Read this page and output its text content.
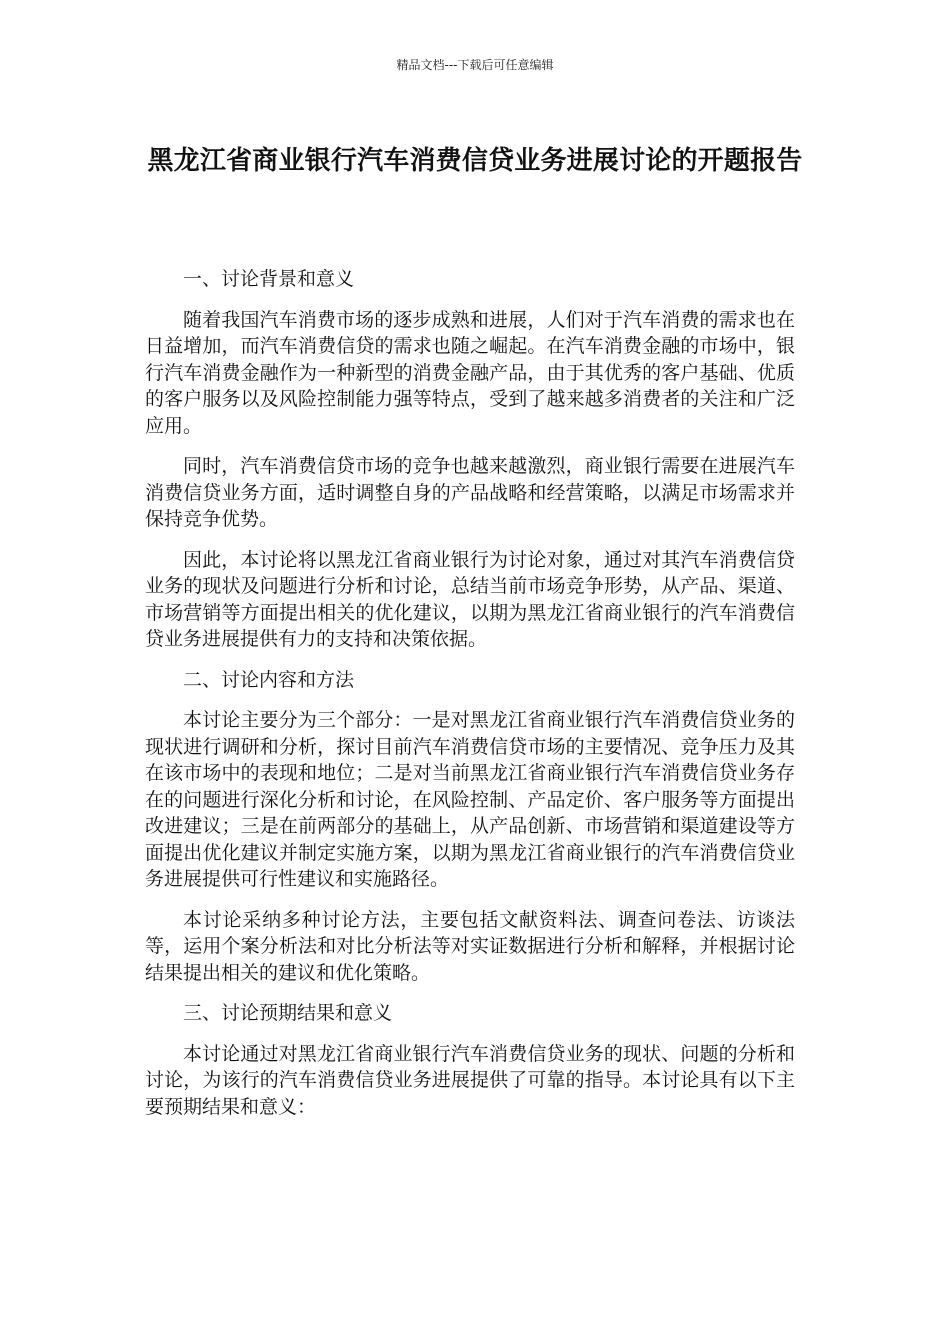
精品文档---下载后可任意编辑
黑龙江省商业银行汽车消费信贷业务进展讨论的开题报告

一、讨论背景和意义

随着我国汽车消费市场的逐步成熟和进展，人们对于汽车消费的需求也在日益增加，而汽车消费信贷的需求也随之崛起。在汽车消费金融的市场中，银行汽车消费金融作为一种新型的消费金融产品，由于其优秀的客户基础、优质的客户服务以及风险控制能力强等特点，受到了越来越多消费者的关注和广泛应用。

同时，汽车消费信贷市场的竞争也越来越激烈，商业银行需要在进展汽车消费信贷业务方面，适时调整自身的产品战略和经营策略，以满足市场需求并保持竞争优势。

因此，本讨论将以黑龙江省商业银行为讨论对象，通过对其汽车消费信贷业务的现状及问题进行分析和讨论，总结当前市场竞争形势，从产品、渠道、市场营销等方面提出相关的优化建议，以期为黑龙江省商业银行的汽车消费信贷业务进展提供有力的支持和决策依据。

二、讨论内容和方法

本讨论主要分为三个部分：一是对黑龙江省商业银行汽车消费信贷业务的现状进行调研和分析，探讨目前汽车消费信贷市场的主要情况、竞争压力及其在该市场中的表现和地位；二是对当前黑龙江省商业银行汽车消费信贷业务存在的问题进行深化分析和讨论，在风险控制、产品定价、客户服务等方面提出改进建议；三是在前两部分的基础上，从产品创新、市场营销和渠道建设等方面提出优化建议并制定实施方案，以期为黑龙江省商业银行的汽车消费信贷业务进展提供可行性建议和实施路径。

本讨论采纳多种讨论方法，主要包括文献资料法、调查问卷法、访谈法等，运用个案分析法和对比分析法等对实证数据进行分析和解释，并根据讨论结果提出相关的建议和优化策略。

三、讨论预期结果和意义

本讨论通过对黑龙江省商业银行汽车消费信贷业务的现状、问题的分析和讨论，为该行的汽车消费信贷业务进展提供了可靠的指导。本讨论具有以下主要预期结果和意义：
